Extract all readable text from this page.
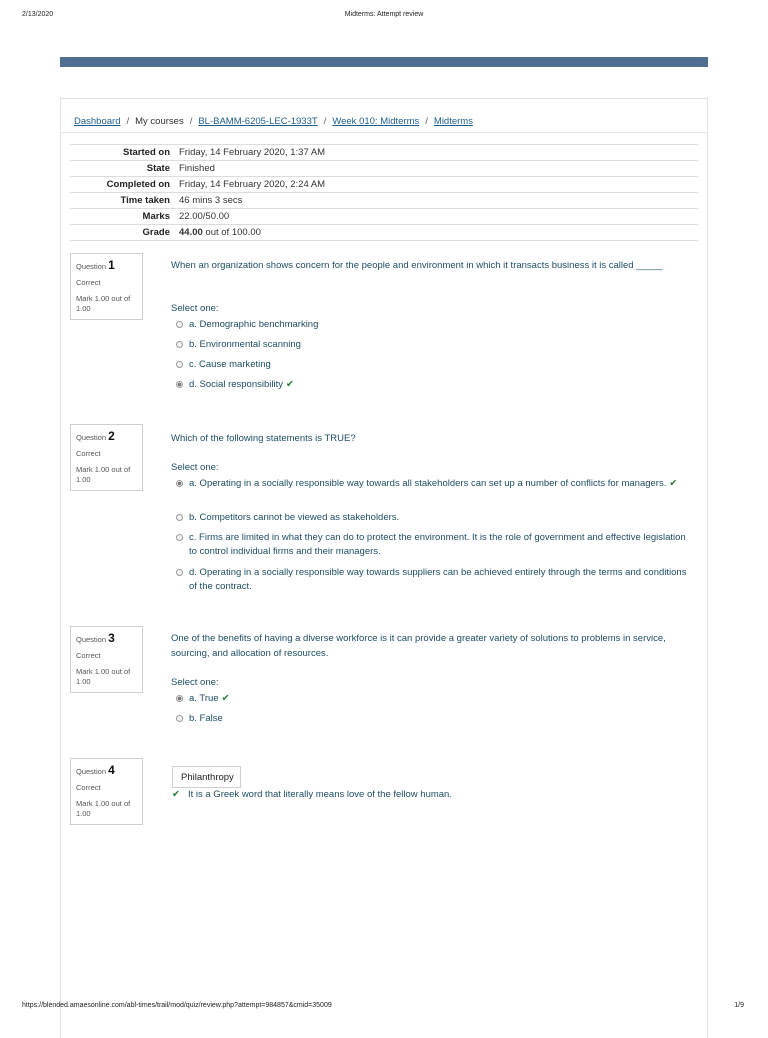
2/13/2020	Midterms: Attempt review
Dashboard / My courses / BL-BAMM-6205-LEC-1933T / Week 010: Midterms / Midterms
Started on	Friday, 14 February 2020, 1:37 AM
State	Finished
Completed on	Friday, 14 February 2020, 2:24 AM
Time taken	46 mins 3 secs
Marks	22.00/50.00
Grade	44.00 out of 100.00
Question 1
Correct
Mark 1.00 out of 1.00
When an organization shows concern for the people and environment in which it transacts business it is called _____
Select one:
a. Demographic benchmarking
b. Environmental scanning
c. Cause marketing
d. Social responsibility ✔
Question 2
Correct
Mark 1.00 out of 1.00
Which of the following statements is TRUE?
Select one:
a. Operating in a socially responsible way towards all stakeholders can set up a number of conflicts for managers. ✔
b. Competitors cannot be viewed as stakeholders.
c. Firms are limited in what they can do to protect the environment. It is the role of government and effective legislation to control individual firms and their managers.
d. Operating in a socially responsible way towards suppliers can be achieved entirely through the terms and conditions of the contract.
Question 3
Correct
Mark 1.00 out of 1.00
One of the benefits of having a diverse workforce is it can provide a greater variety of solutions to problems in service, sourcing, and allocation of resources.
Select one:
a. True ✔
b. False
Question 4
Correct
Mark 1.00 out of 1.00
Philanthropy
✔ It is a Greek word that literally means love of the fellow human.
https://blended.amaesonline.com/abl-times/trail/mod/quiz/review.php?attempt=984857&cmid=35009	1/9
